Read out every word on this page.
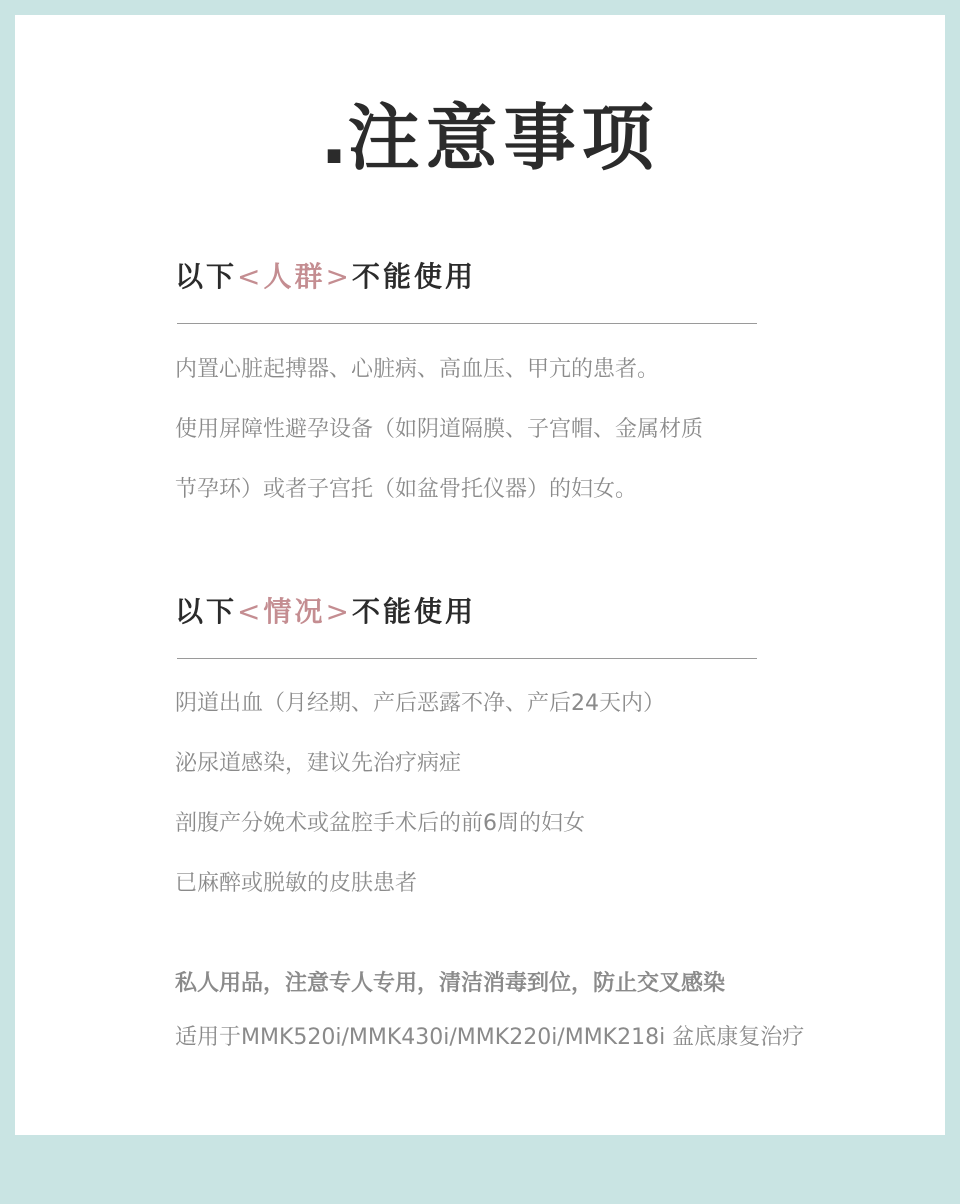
.注意事项
以下<人群>不能使用

内置心脏起搏器、心脏病、高血压、甲亢的患者。

使用屏障性避孕设备（如阴道隔膜、子宫帽、金属材质

节孕环）或者子宫托（如盆骨托仪器）的妇女。

以下<情况>不能使用

阴道出血（月经期、产后恶露不净、产后24天内）

泌尿道感染，建议先治疗病症

剖腹产分娩术或盆腔手术后的前6周的妇女

已麻醉或脱敏的皮肤患者

私人用品，注意专人专用，清洁消毒到位，防止交叉感染

适用于MMK520i/MMK430i/MMK220i/MMK218i 盆底康复治疗
